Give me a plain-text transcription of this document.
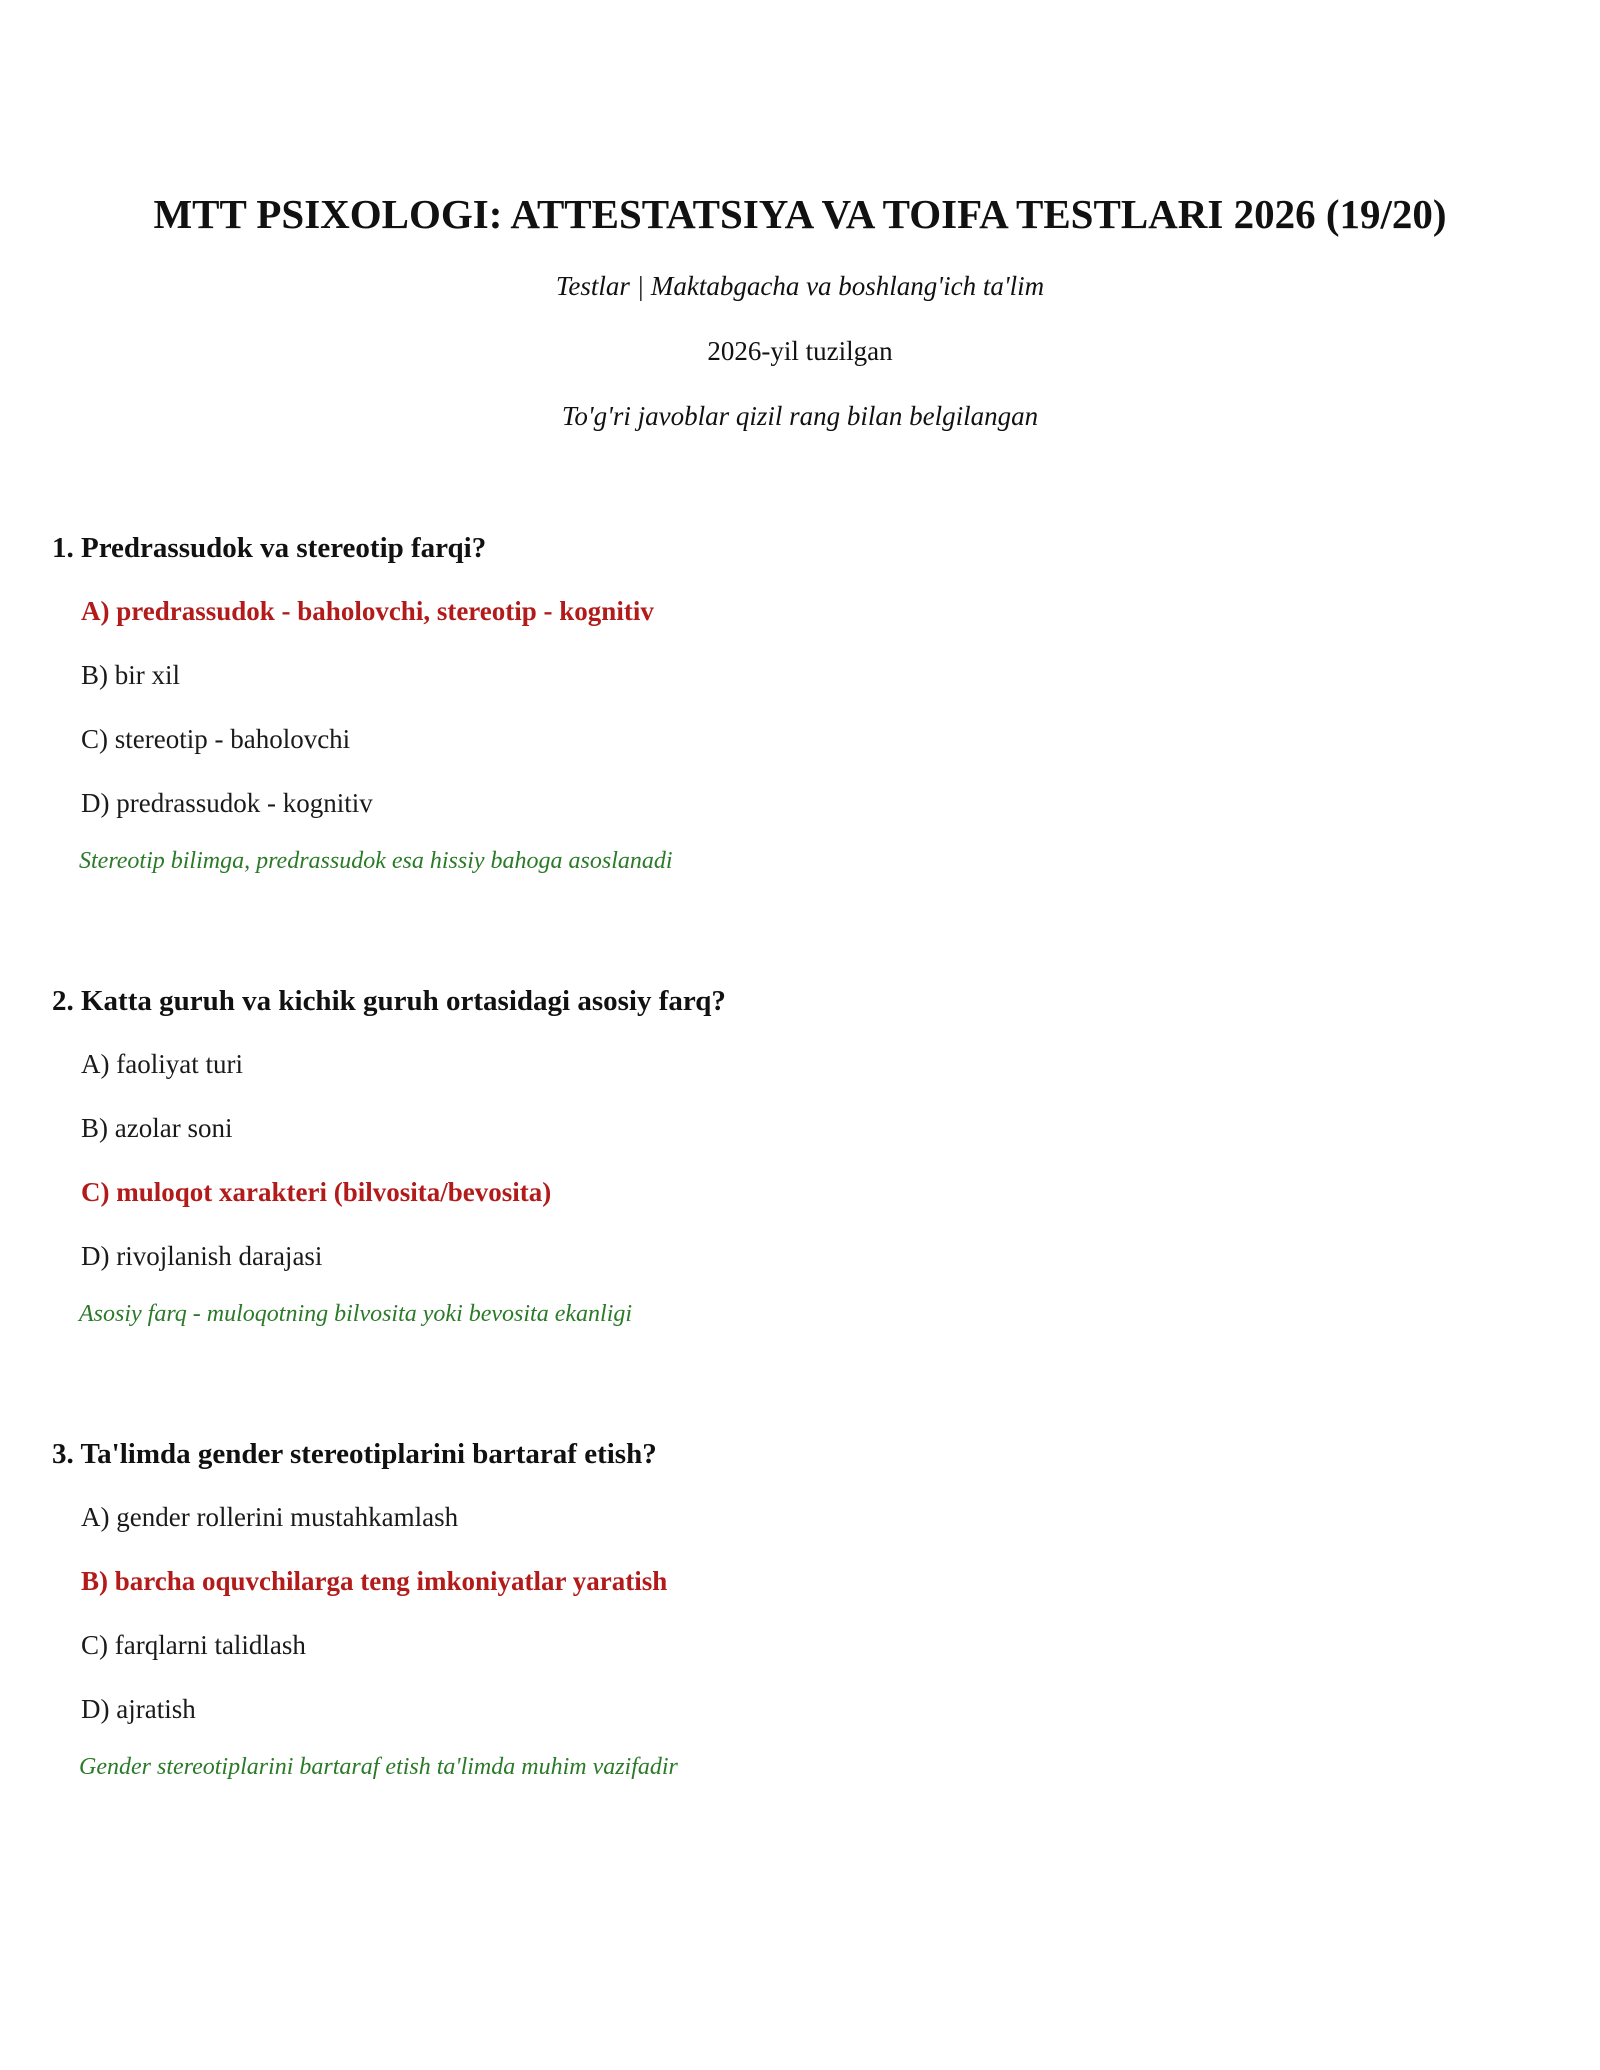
MTT PSIXOLOGI: ATTESTATSIYA VA TOIFA TESTLARI 2026 (19/20)
Testlar | Maktabgacha va boshlang'ich ta'lim
2026-yil tuzilgan
To'g'ri javoblar qizil rang bilan belgilangan
1. Predrassudok va stereotip farqi?
A) predrassudok - baholovchi, stereotip - kognitiv
B) bir xil
C) stereotip - baholovchi
D) predrassudok - kognitiv
Stereotip bilimga, predrassudok esa hissiy bahoga asoslanadi
2. Katta guruh va kichik guruh ortasidagi asosiy farq?
A) faoliyat turi
B) azolar soni
C) muloqot xarakteri (bilvosita/bevosita)
D) rivojlanish darajasi
Asosiy farq - muloqotning bilvosita yoki bevosita ekanligi
3. Ta'limda gender stereotiplarini bartaraf etish?
A) gender rollerini mustahkamlash
B) barcha oquvchilarga teng imkoniyatlar yaratish
C) farqlarni talidlash
D) ajratish
Gender stereotiplarini bartaraf etish ta'limda muhim vazifadir
